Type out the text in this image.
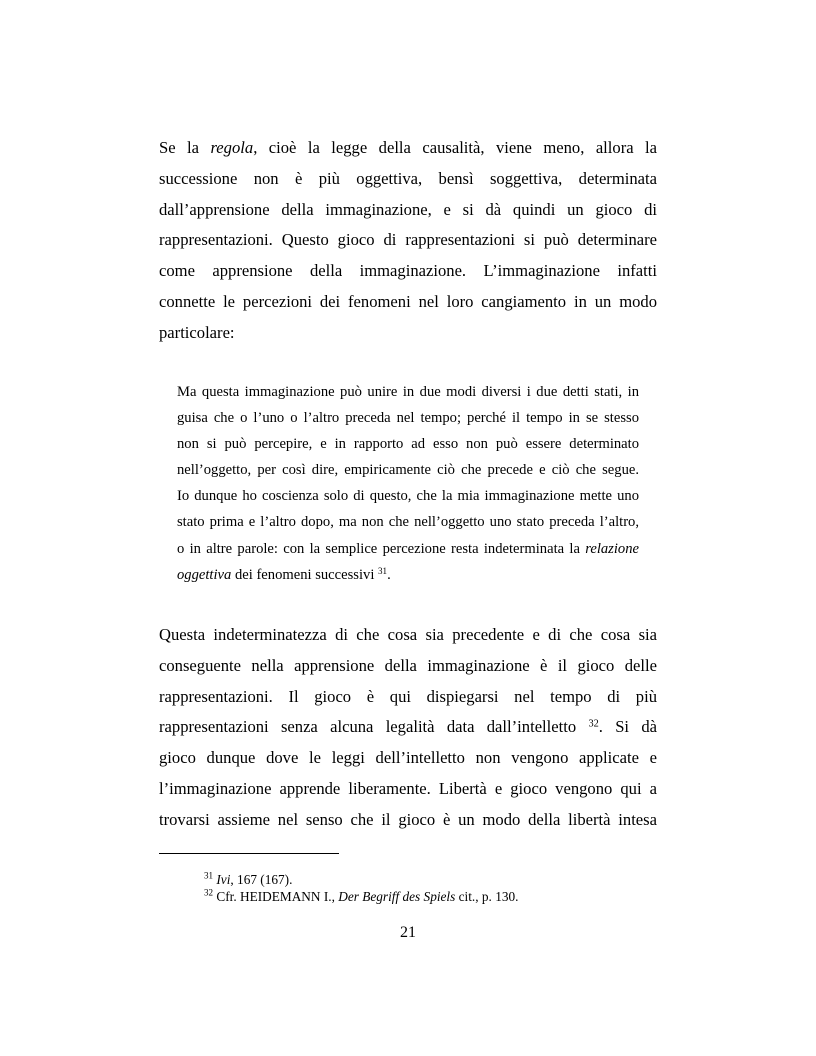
Se la regola, cioè la legge della causalità, viene meno, allora la
successione non è più oggettiva, bensì soggettiva, determinata
dall’apprensione della immaginazione, e si dà quindi un gioco di
rappresentazioni. Questo gioco di rappresentazioni si può determinare
come apprensione della immaginazione. L’immaginazione infatti
connette le percezioni dei fenomeni nel loro cangiamento in un modo
particolare:
Ma questa immaginazione può unire in due modi diversi i due detti stati, in
guisa che o l’uno o l’altro preceda nel tempo; perché il tempo in se stesso
non si può percepire, e in rapporto ad esso non può essere determinato
nell’oggetto, per così dire, empiricamente ciò che precede e ciò che segue.
Io dunque ho coscienza solo di questo, che la mia immaginazione mette uno
stato prima e l’altro dopo, ma non che nell’oggetto uno stato preceda l’altro,
o in altre parole: con la semplice percezione resta indeterminata la relazione
oggettiva dei fenomeni successivi $^{31}$.
Questa indeterminatezza di che cosa sia precedente e di che cosa sia
conseguente nella apprensione della immaginazione è il gioco delle
rappresentazioni. Il gioco è qui dispiegarsi nel tempo di più
rappresentazioni senza alcuna legalità data dall’intelletto $^{32}$. Si dà
gioco dunque dove le leggi dell’intelletto non vengono applicate e
l’immaginazione apprende liberamente. Libertà e gioco vengono qui a
trovarsi assieme nel senso che il gioco è un modo della libertà intesa
$^{31}$ Ivi, 167 (167).
$^{32}$ Cfr. HEIDEMANN I., Der Begriff des Spiels cit., p. 130.
21
